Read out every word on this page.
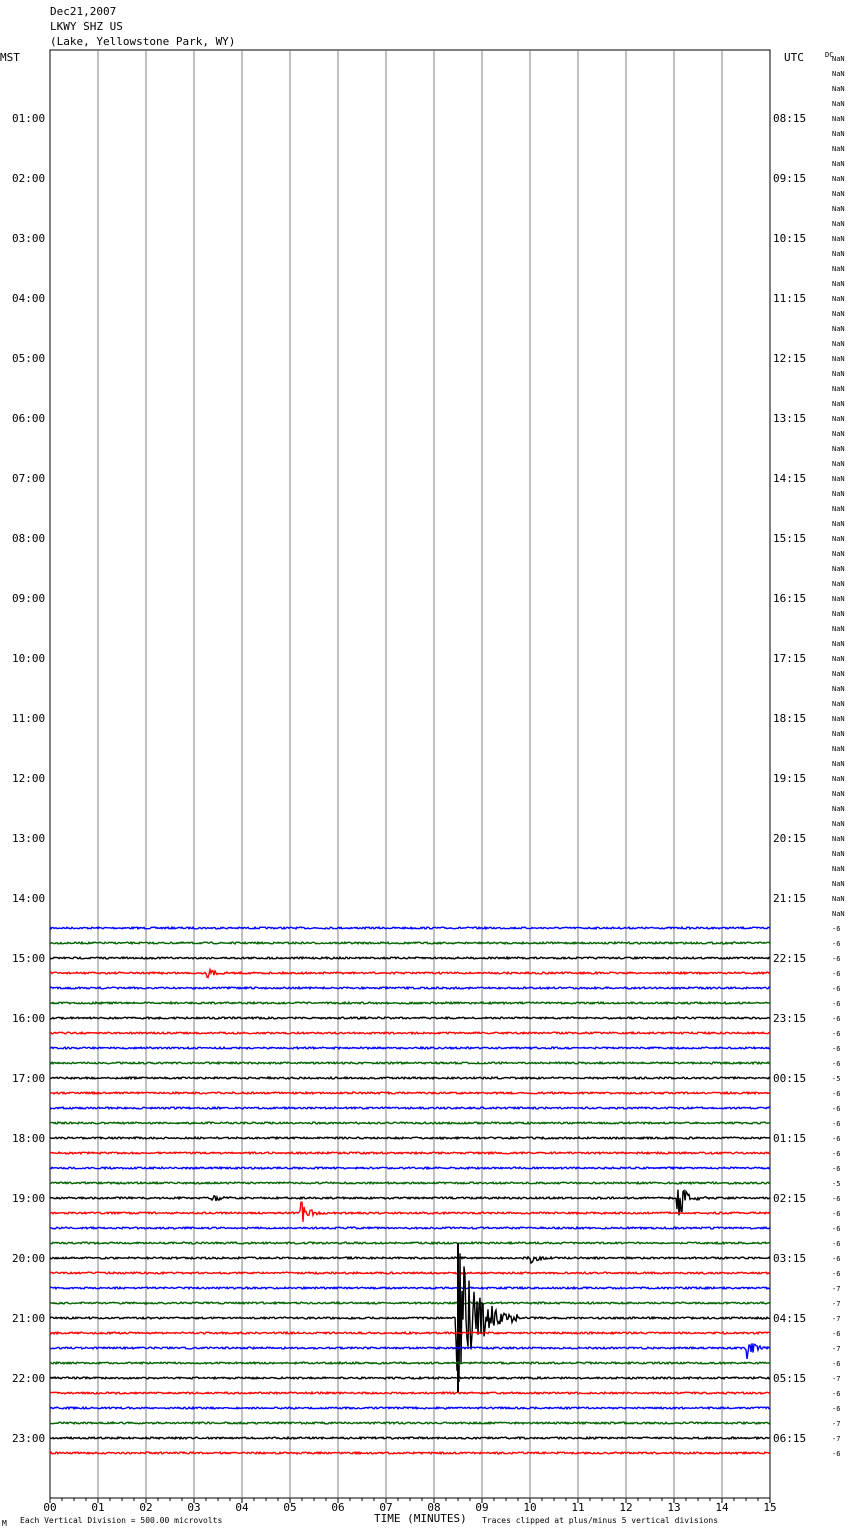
Dec21,2007
LKWY SHZ US
(Lake, Yellowstone Park, WY)
MST	UTC	DC
00	01	02	03	04	05	06	07	08	09	10	11	12	13	14	15
01:00
02:00
03:00
04:00
05:00
06:00
07:00
08:00
09:00
10:00
11:00
12:00
13:00
14:00
15:00
16:00
17:00
18:00
19:00
20:00
21:00
22:00
23:00
08:15
09:15
10:15
11:15
12:15
13:15
14:15
15:15
16:15
17:15
18:15
19:15
20:15
21:15
22:15
23:15
00:15
01:15
02:15
03:15
04:15
05:15
06:15
NaN
NaN
NaN
NaN
NaN
NaN
NaN
NaN
NaN
NaN
NaN
NaN
NaN
NaN
NaN
NaN
NaN
NaN
NaN
NaN
NaN
NaN
NaN
NaN
NaN
NaN
NaN
NaN
NaN
NaN
NaN
NaN
NaN
NaN
NaN
NaN
NaN
NaN
NaN
NaN
NaN
NaN
NaN
NaN
NaN
NaN
NaN
NaN
NaN
NaN
NaN
NaN
NaN
NaN
NaN
NaN
NaN
NaN
-6
-6
-6
-6
-6
-6
-6
-6
-6
-6
-5
-6
-6
-6
-6
-6
-6
-5
-6
-6
-6
-6
-6
-6
-7
-7
-7
-6
-7
-6
-7
-6
-6
-7
-7
-6
TIME (MINUTES)
Each Vertical Division = 500.00 microvolts	Traces clipped at plus/minus 5 vertical divisions
M
